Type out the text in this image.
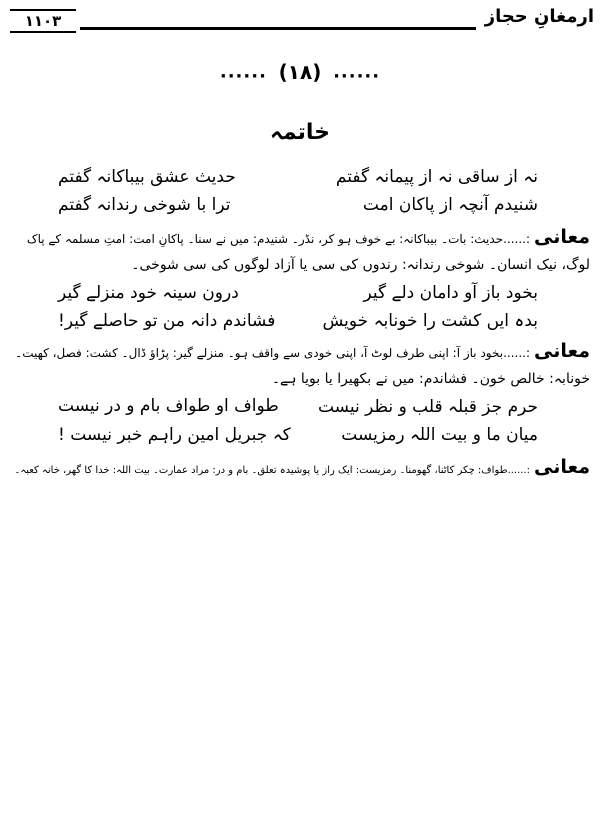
۱۱۰۳	ارمغانِ حجاز
...... (۱۸) ......
خاتمہ
نہ از ساقی نہ از پیمانہ گفتم
حدیث عشق بیباکانہ گفتم
شنیدم آنچہ از پاکان امت
ترا با شوخی رندانہ گفتم
معانی:......حدیث: بات۔ بیباکانہ: بے خوف ہو کر، نڈر۔ شنیدم: میں نے سنا۔ پاکانِ امت: امتِ مسلمہ کے پاک
لوگ، نیک انسان۔ شوخی رندانہ: رندوں کی سی یا آزاد لوگوں کی سی شوخی۔
بخود باز آو دامان دلے گیر
درون سینہ خود منزلے گیر
بدہ ایں کشت را خونابہ خویش
فشاندم دانہ من تو حاصلے گیر!
معانی:......بخود باز آ: اپنی طرف لوٹ آ، اپنی خودی سے واقف ہو۔ منزلے گیر: پڑاؤ ڈال۔ کشت: فصل، کھیت۔
خونابہ: خالص خون۔ فشاندم: میں نے بکھیرا یا بویا ہے۔
حرم جز قبلہ قلب و نظر نیست
طواف او طواف بام و در نیست
میان ما و بیت اللہ رمزیست
کہ جبریل امین راہم خبر نیست !
معانی:......طواف: چکر کاٹنا، گھومنا۔ رمزیست: ایک راز یا پوشیدہ تعلق۔ بام و در: مراد عمارت۔ بیت اللہ: خدا کا گھر، خانہ کعبہ۔
